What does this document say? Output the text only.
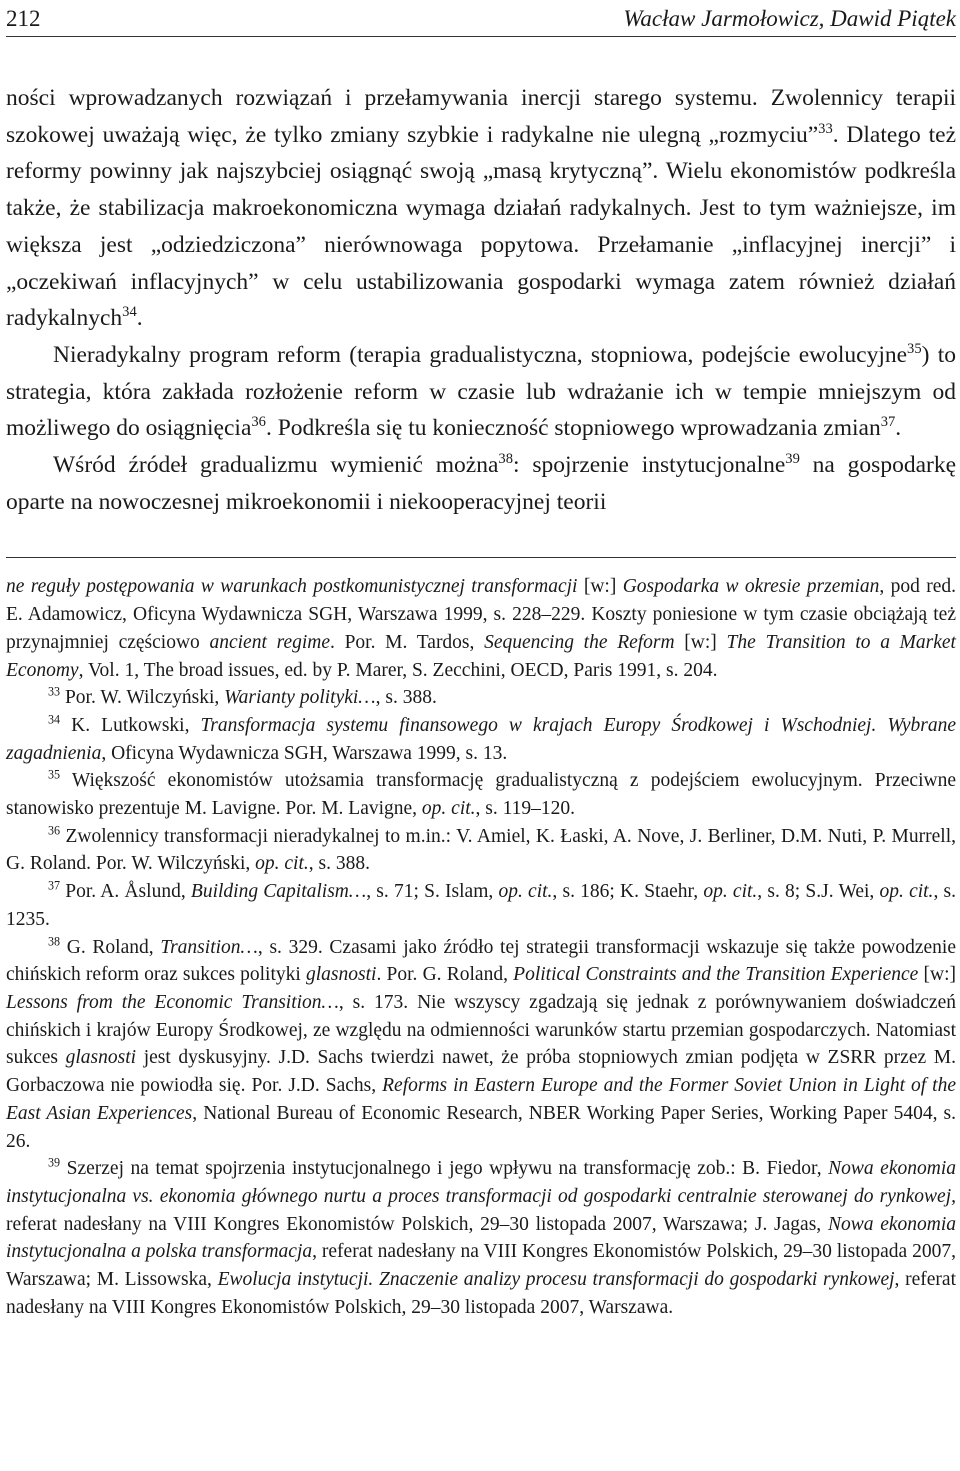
212	Wacław Jarmołowicz, Dawid Piątek

ności wprowadzanych rozwiązań i przełamywania inercji starego systemu. Zwolennicy terapii szokowej uważają więc, że tylko zmiany szybkie i radykalne nie ulegną „rozmyciu”$^{33}$. Dlatego też reformy powinny jak najszybciej osiągnąć swoją „masą krytyczną”. Wielu ekonomistów podkreśla także, że stabilizacja makroekonomiczna wymaga działań radykalnych. Jest to tym ważniejsze, im większa jest „odziedziczona” nierównowaga popytowa. Przełamanie „inflacyjnej inercji” i „oczekiwań inflacyjnych” w celu ustabilizowania gospodarki wymaga zatem również działań radykalnych$^{34}$.

Nieradykalny program reform (terapia gradualistyczna, stopniowa, podejście ewolucyjne$^{35}$) to strategia, która zakłada rozłożenie reform w czasie lub wdrażanie ich w tempie mniejszym od możliwego do osiągnięcia$^{36}$. Podkreśla się tu konieczność stopniowego wprowadzania zmian$^{37}$.

Wśród źródeł gradualizmu wymienić można$^{38}$: spojrzenie instytucjonalne$^{39}$ na gospodarkę oparte na nowoczesnej mikroekonomii i niekooperacyjnej teorii

ne reguły postępowania w warunkach postkomunistycznej transformacji [w:] Gospodarka w okresie przemian, pod red. E. Adamowicz, Oficyna Wydawnicza SGH, Warszawa 1999, s. 228–229. Koszty poniesione w tym czasie obciążają też przynajmniej częściowo ancient regime. Por. M. Tardos, Sequencing the Reform [w:] The Transition to a Market Economy, Vol. 1, The broad issues, ed. by P. Marer, S. Zecchini, OECD, Paris 1991, s. 204.

$^{33}$ Por. W. Wilczyński, Warianty polityki…, s. 388.

$^{34}$ K. Lutkowski, Transformacja systemu finansowego w krajach Europy Środkowej i Wschodniej. Wybrane zagadnienia, Oficyna Wydawnicza SGH, Warszawa 1999, s. 13.

$^{35}$ Większość ekonomistów utożsamia transformację gradualistyczną z podejściem ewolucyjnym. Przeciwne stanowisko prezentuje M. Lavigne. Por. M. Lavigne, op. cit., s. 119–120.

$^{36}$ Zwolennicy transformacji nieradykalnej to m.in.: V. Amiel, K. Łaski, A. Nove, J. Berliner, D.M. Nuti, P. Murrell, G. Roland. Por. W. Wilczyński, op. cit., s. 388.

$^{37}$ Por. A. Åslund, Building Capitalism…, s. 71; S. Islam, op. cit., s. 186; K. Staehr, op. cit., s. 8; S.J. Wei, op. cit., s. 1235.

$^{38}$ G. Roland, Transition…, s. 329. Czasami jako źródło tej strategii transformacji wskazuje się także powodzenie chińskich reform oraz sukces polityki glasnosti. Por. G. Roland, Political Constraints and the Transition Experience [w:] Lessons from the Economic Transition…, s. 173. Nie wszyscy zgadzają się jednak z porównywaniem doświadczeń chińskich i krajów Europy Środkowej, ze względu na odmienności warunków startu przemian gospodarczych. Natomiast sukces glasnosti jest dyskusyjny. J.D. Sachs twierdzi nawet, że próba stopniowych zmian podjęta w ZSRR przez M. Gorbaczowa nie powiodła się. Por. J.D. Sachs, Reforms in Eastern Europe and the Former Soviet Union in Light of the East Asian Experiences, National Bureau of Economic Research, NBER Working Paper Series, Working Paper 5404, s. 26.

$^{39}$ Szerzej na temat spojrzenia instytucjonalnego i jego wpływu na transformację zob.: B. Fiedor, Nowa ekonomia instytucjonalna vs. ekonomia głównego nurtu a proces transformacji od gospodarki centralnie sterowanej do rynkowej, referat nadesłany na VIII Kongres Ekonomistów Polskich, 29–30 listopada 2007, Warszawa; J. Jagas, Nowa ekonomia instytucjonalna a polska transformacja, referat nadesłany na VIII Kongres Ekonomistów Polskich, 29–30 listopada 2007, Warszawa; M. Lissowska, Ewolucja instytucji. Znaczenie analizy procesu transformacji do gospodarki rynkowej, referat nadesłany na VIII Kongres Ekonomistów Polskich, 29–30 listopada 2007, Warszawa.
